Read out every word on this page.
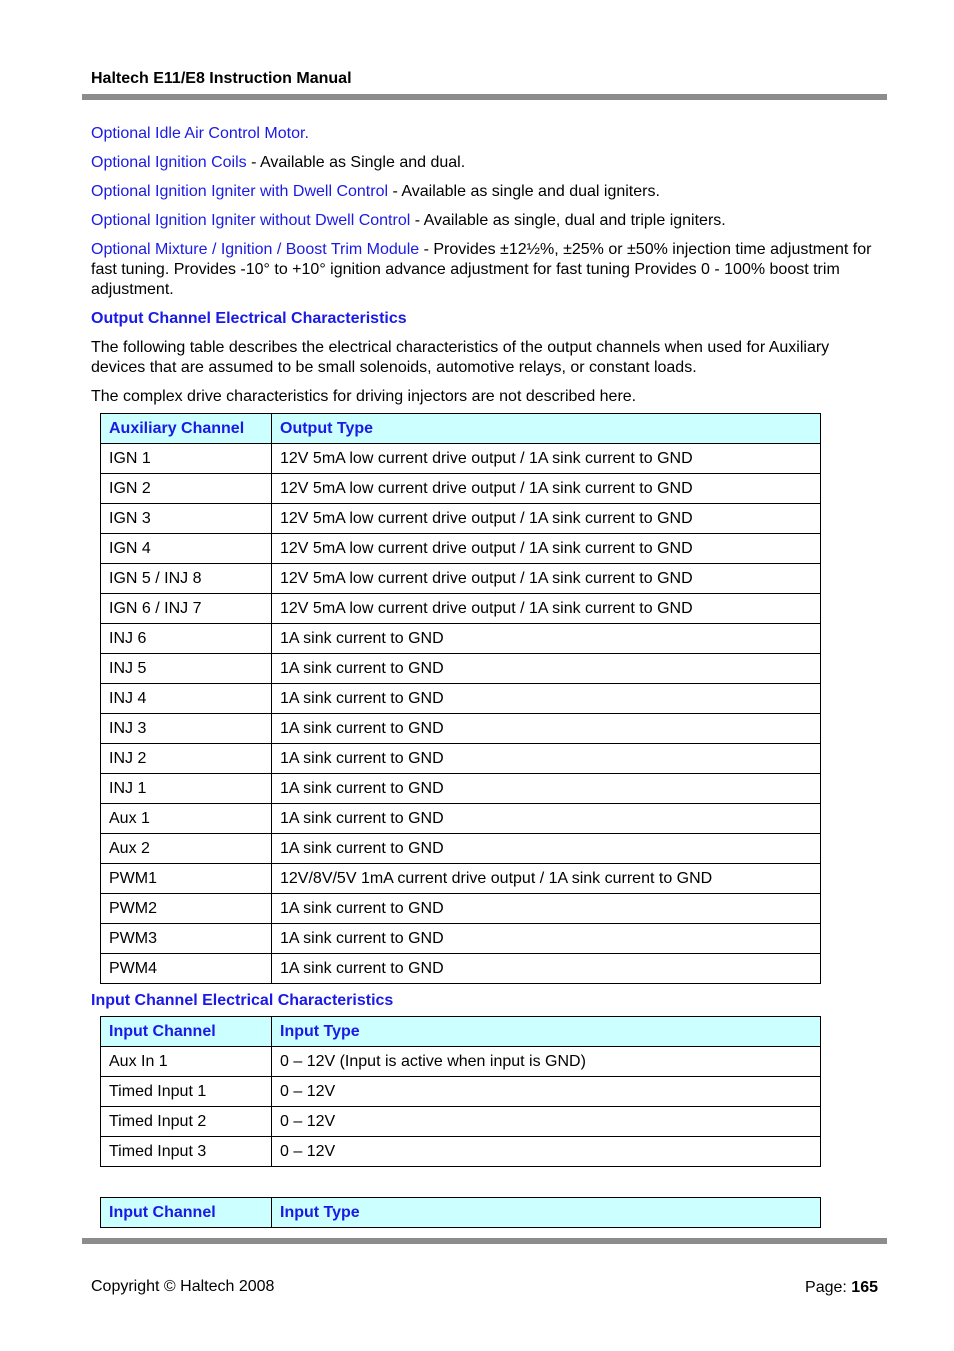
Haltech E11/E8 Instruction Manual

Optional Idle Air Control Motor.

Optional Ignition Coils - Available as Single and dual.

Optional Ignition Igniter with Dwell Control - Available as single and dual igniters.

Optional Ignition Igniter without Dwell Control - Available as single, dual and triple igniters.

Optional Mixture / Ignition / Boost Trim Module - Provides ±12½%, ±25% or ±50% injection time adjustment for fast tuning. Provides -10° to +10° ignition advance adjustment for fast tuning Provides 0 - 100% boost trim adjustment.

Output Channel Electrical Characteristics

The following table describes the electrical characteristics of the output channels when used for Auxiliary devices that are assumed to be small solenoids, automotive relays, or constant loads.

The complex drive characteristics for driving injectors are not described here.

Auxiliary Channel	Output Type
IGN 1	12V 5mA low current drive output / 1A sink current to GND
IGN 2	12V 5mA low current drive output / 1A sink current to GND
IGN 3	12V 5mA low current drive output / 1A sink current to GND
IGN 4	12V 5mA low current drive output / 1A sink current to GND
IGN 5 / INJ 8	12V 5mA low current drive output / 1A sink current to GND
IGN 6 / INJ 7	12V 5mA low current drive output / 1A sink current to GND
INJ 6	1A sink current to GND
INJ 5	1A sink current to GND
INJ 4	1A sink current to GND
INJ 3	1A sink current to GND
INJ 2	1A sink current to GND
INJ 1	1A sink current to GND
Aux 1	1A sink current to GND
Aux 2	1A sink current to GND
PWM1	12V/8V/5V 1mA current drive output / 1A sink current to GND
PWM2	1A sink current to GND
PWM3	1A sink current to GND
PWM4	1A sink current to GND
Input Channel Electrical Characteristics
Input Channel	Input Type
Aux In 1	0 – 12V (Input is active when input is GND)
Timed Input 1	0 – 12V
Timed Input 2	0 – 12V
Timed Input 3	0 – 12V
Input Channel	Input Type
Copyright © Haltech 2008	Page: 165
